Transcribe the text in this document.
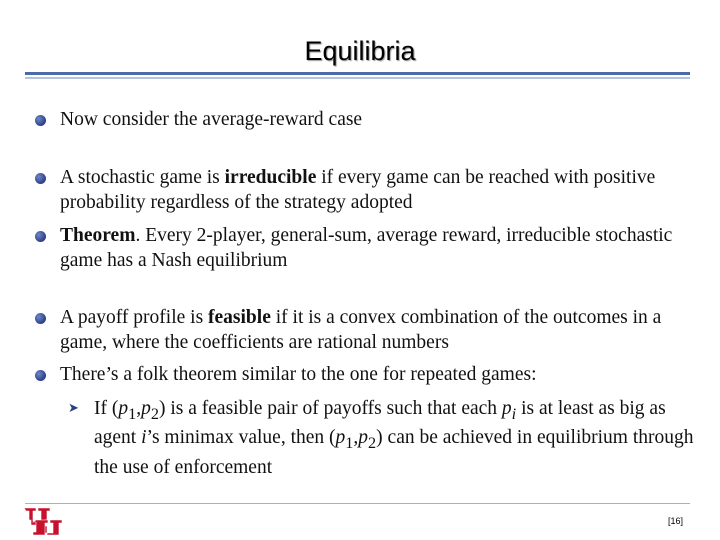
Equilibria
Now consider the average-reward case
A stochastic game is irreducible if every game can be reached with positive probability regardless of the strategy adopted
Theorem. Every 2-player, general-sum, average reward, irreducible stochastic game has a Nash equilibrium
A payoff profile is feasible if it is a convex combination of the outcomes in a game, where the coefficients are rational numbers
There’s a folk theorem similar to the one for repeated games:
➤ If $(p_1,p_2)$ is a feasible pair of payoffs such that each $p_i$ is at least as big as agent i’s minimax value, then $(p_1,p_2)$ can be achieved in equilibrium through the use of enforcement
[16]
